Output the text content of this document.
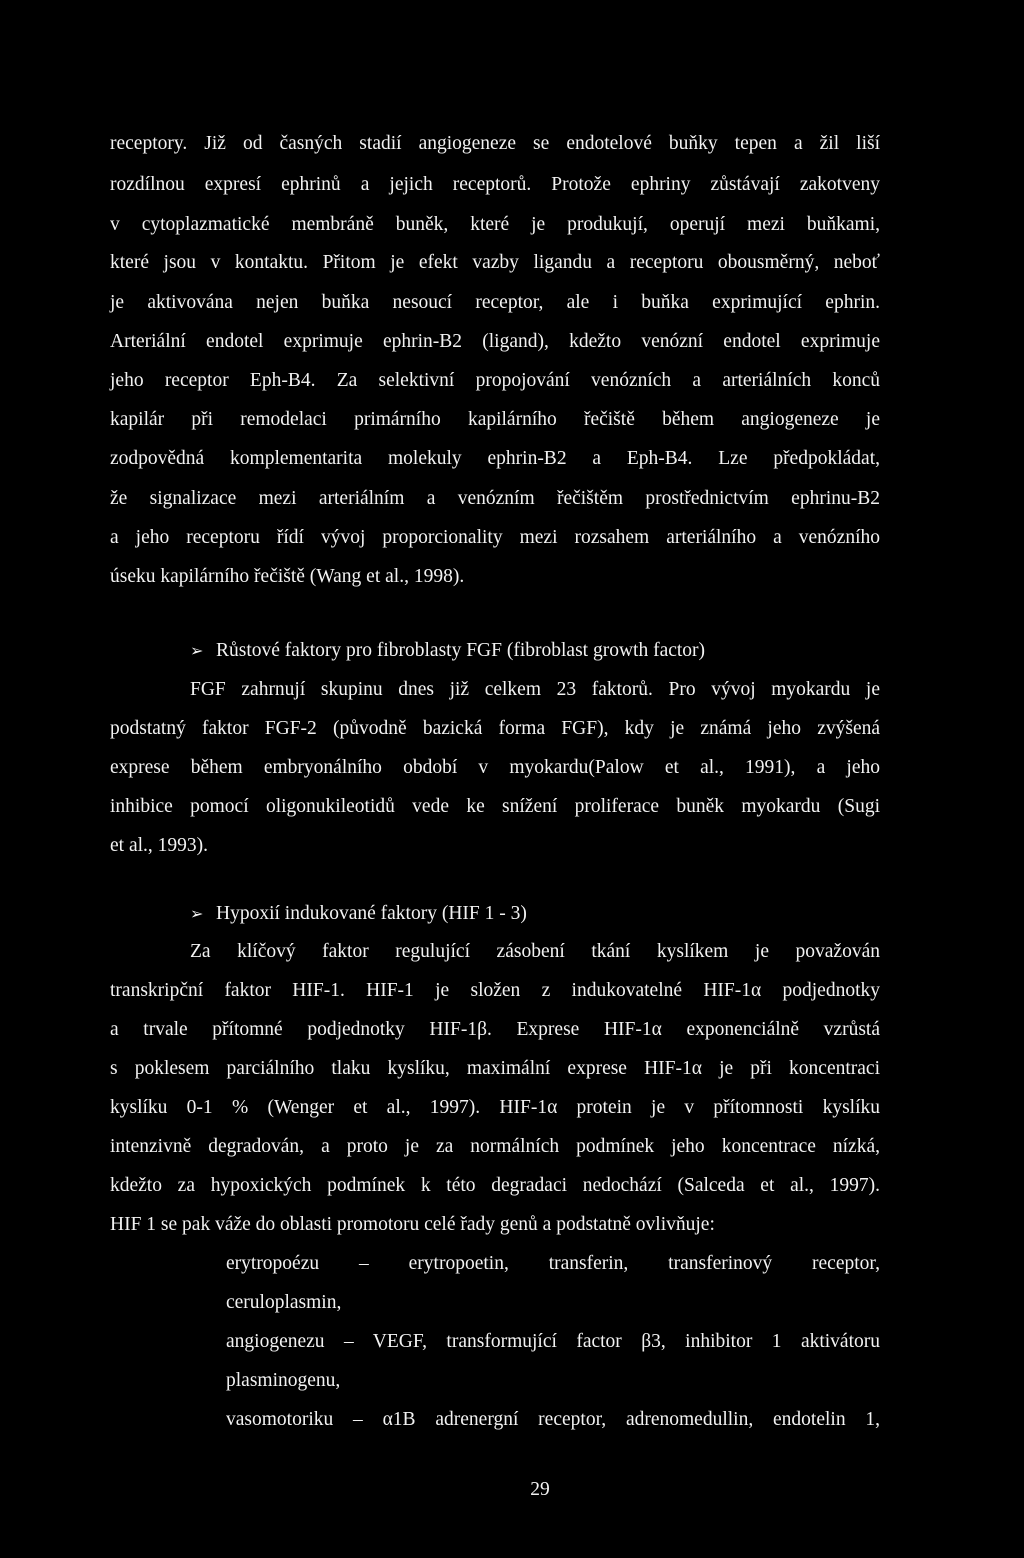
receptory. Již od časných stadií angiogeneze se endotelové buňky tepen a žil liší
rozdílnou expresí ephrinů a jejich receptorů. Protože ephriny zůstávají zakotveny
v cytoplazmatické membráně buněk, které je produkují, operují mezi buňkami,
které jsou v kontaktu. Přitom je efekt vazby ligandu a receptoru obousměrný, neboť
je aktivována nejen buňka nesoucí receptor, ale i buňka exprimující ephrin.
Arteriální endotel exprimuje ephrin-B2 (ligand), kdežto venózní endotel exprimuje
jeho receptor Eph-B4. Za selektivní propojování venózních a arteriálních konců
kapilár při remodelaci primárního kapilárního řečiště během angiogeneze je
zodpovědná komplementarita molekuly ephrin-B2 a Eph-B4. Lze předpokládat,
že signalizace mezi arteriálním a venózním řečištěm prostřednictvím ephrinu-B2
a jeho receptoru řídí vývoj proporcionality mezi rozsahem arteriálního a venózního
úseku kapilárního řečiště (Wang et al., 1998).
➢ Růstové faktory pro fibroblasty FGF (fibroblast growth factor)
FGF zahrnují skupinu dnes již celkem 23 faktorů. Pro vývoj myokardu je
podstatný faktor FGF-2 (původně bazická forma FGF), kdy je známá jeho zvýšená
exprese během embryonálního období v myokardu(Palow et al., 1991), a jeho
inhibice pomocí oligonukileotidů vede ke snížení proliferace buněk myokardu (Sugi
et al., 1993).
➢ Hypoxií indukované faktory (HIF 1 - 3)
Za klíčový faktor regulující zásobení tkání kyslíkem je považován
transkripční faktor HIF-1. HIF-1 je složen z indukovatelné HIF-1α podjednotky
a trvale přítomné podjednotky HIF-1β. Exprese HIF-1α exponenciálně vzrůstá
s poklesem parciálního tlaku kyslíku, maximální exprese HIF-1α je při koncentraci
kyslíku 0-1 % (Wenger et al., 1997). HIF-1α protein je v přítomnosti kyslíku
intenzivně degradován, a proto je za normálních podmínek jeho koncentrace nízká,
kdežto za hypoxických podmínek k této degradaci nedochází (Salceda et al., 1997).
HIF 1 se pak váže do oblasti promotoru celé řady genů a podstatně ovlivňuje:
erytropoézu – erytropoetin, transferin, transferinový receptor,
ceruloplasmin,
angiogenezu – VEGF, transformující factor β3, inhibitor 1 aktivátoru
plasminogenu,
vasomotoriku – α1B adrenergní receptor, adrenomedullin, endotelin 1,
29
